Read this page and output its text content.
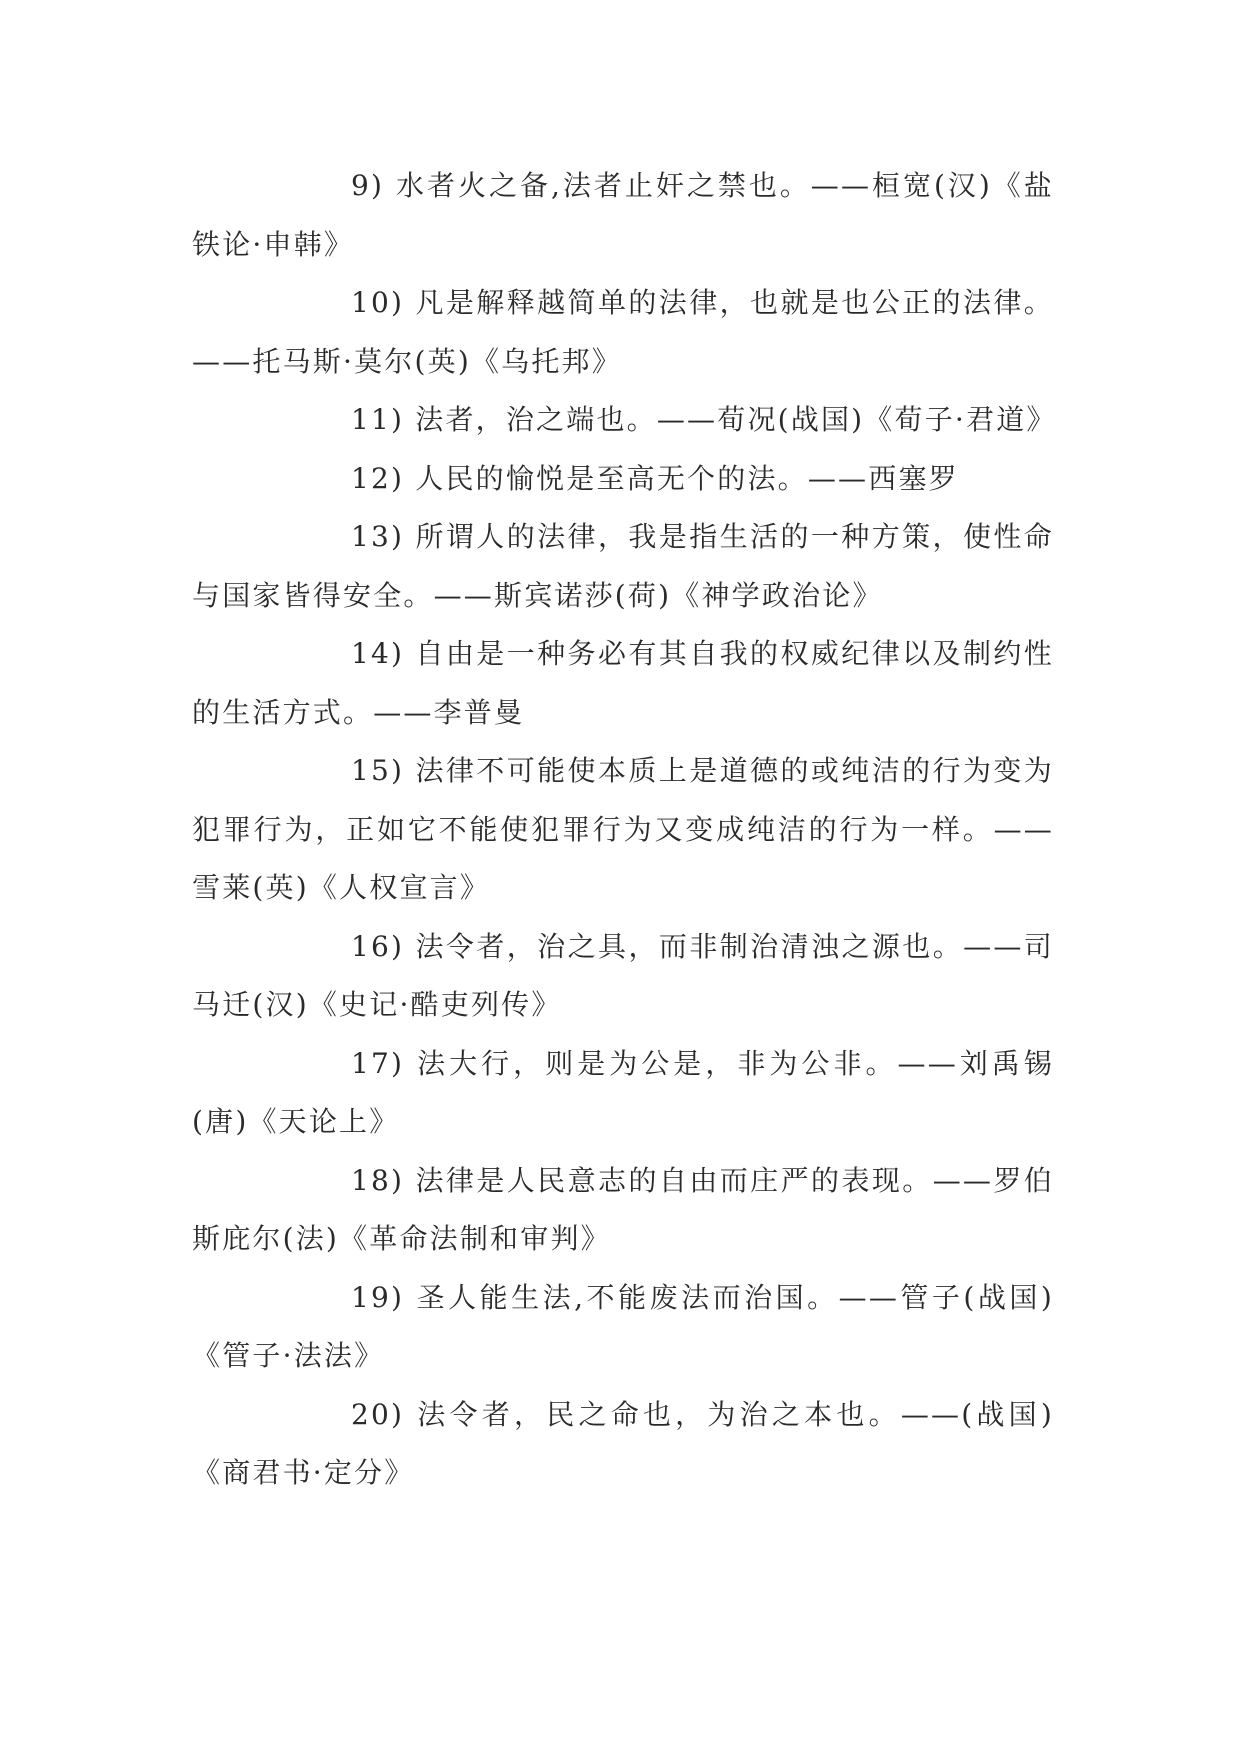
9) 水者火之备,法者止奸之禁也。——桓宽(汉)《盐铁论·申韩》

10) 凡是解释越简单的法律，也就是也公正的法律。——托马斯·莫尔(英)《乌托邦》

11) 法者，治之端也。——荀况(战国)《荀子·君道》

12) 人民的愉悦是至高无个的法。——西塞罗

13) 所谓人的法律，我是指生活的一种方策，使性命与国家皆得安全。——斯宾诺莎(荷)《神学政治论》

14) 自由是一种务必有其自我的权威纪律以及制约性的生活方式。——李普曼

15) 法律不可能使本质上是道德的或纯洁的行为变为犯罪行为，正如它不能使犯罪行为又变成纯洁的行为一样。——雪莱(英)《人权宣言》

16) 法令者，治之具，而非制治清浊之源也。——司马迁(汉)《史记·酷吏列传》

17) 法大行，则是为公是，非为公非。——刘禹锡(唐)《天论上》

18) 法律是人民意志的自由而庄严的表现。——罗伯斯庇尔(法)《革命法制和审判》

19) 圣人能生法,不能废法而治国。——管子(战国)《管子·法法》

20) 法令者，民之命也，为治之本也。——(战国)《商君书·定分》
